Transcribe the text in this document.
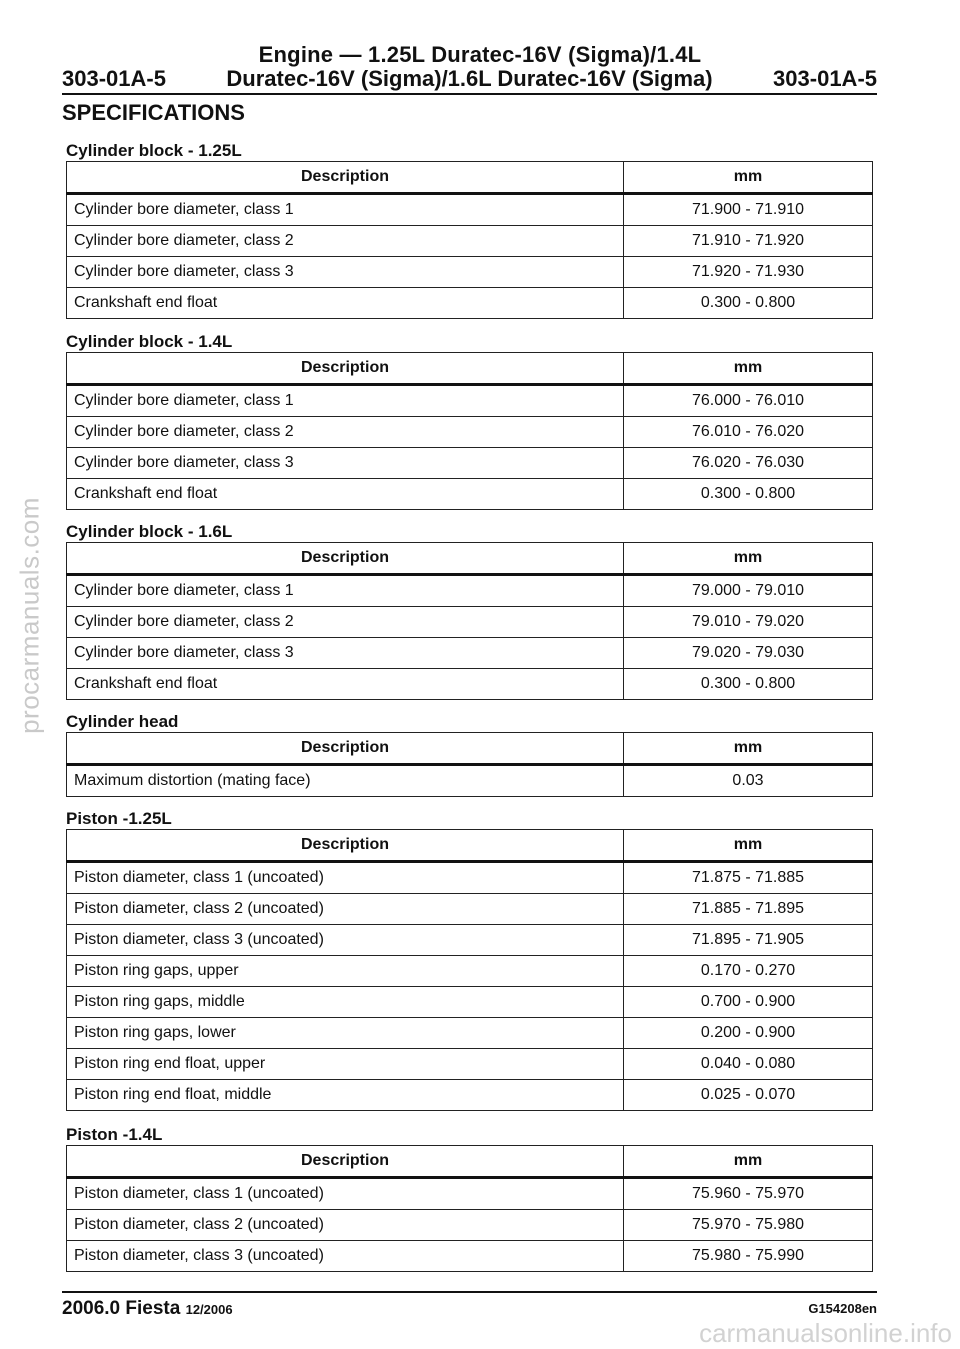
Engine — 1.25L Duratec-16V (Sigma)/1.4L
Duratec-16V (Sigma)/1.6L Duratec-16V (Sigma)
303-01A-5	303-01A-5
SPECIFICATIONS
Cylinder block - 1.25L
Description	mm
Cylinder bore diameter, class 1	71.900 - 71.910
Cylinder bore diameter, class 2	71.910 - 71.920
Cylinder bore diameter, class 3	71.920 - 71.930
Crankshaft end float	0.300 - 0.800
Cylinder block - 1.4L
Description	mm
Cylinder bore diameter, class 1	76.000 - 76.010
Cylinder bore diameter, class 2	76.010 - 76.020
Cylinder bore diameter, class 3	76.020 - 76.030
Crankshaft end float	0.300 - 0.800
Cylinder block - 1.6L
Description	mm
Cylinder bore diameter, class 1	79.000 - 79.010
Cylinder bore diameter, class 2	79.010 - 79.020
Cylinder bore diameter, class 3	79.020 - 79.030
Crankshaft end float	0.300 - 0.800
Cylinder head
Description	mm
Maximum distortion (mating face)	0.03
Piston -1.25L
Description	mm
Piston diameter, class 1 (uncoated)	71.875 - 71.885
Piston diameter, class 2 (uncoated)	71.885 - 71.895
Piston diameter, class 3 (uncoated)	71.895 - 71.905
Piston ring gaps, upper	0.170 - 0.270
Piston ring gaps, middle	0.700 - 0.900
Piston ring gaps, lower	0.200 - 0.900
Piston ring end float, upper	0.040 - 0.080
Piston ring end float, middle	0.025 - 0.070
Piston -1.4L
Description	mm
Piston diameter, class 1 (uncoated)	75.960 - 75.970
Piston diameter, class 2 (uncoated)	75.970 - 75.980
Piston diameter, class 3 (uncoated)	75.980 - 75.990
2006.0 Fiesta 12/2006	G154208en
procarmanuals.com
carmanualsonline.info
